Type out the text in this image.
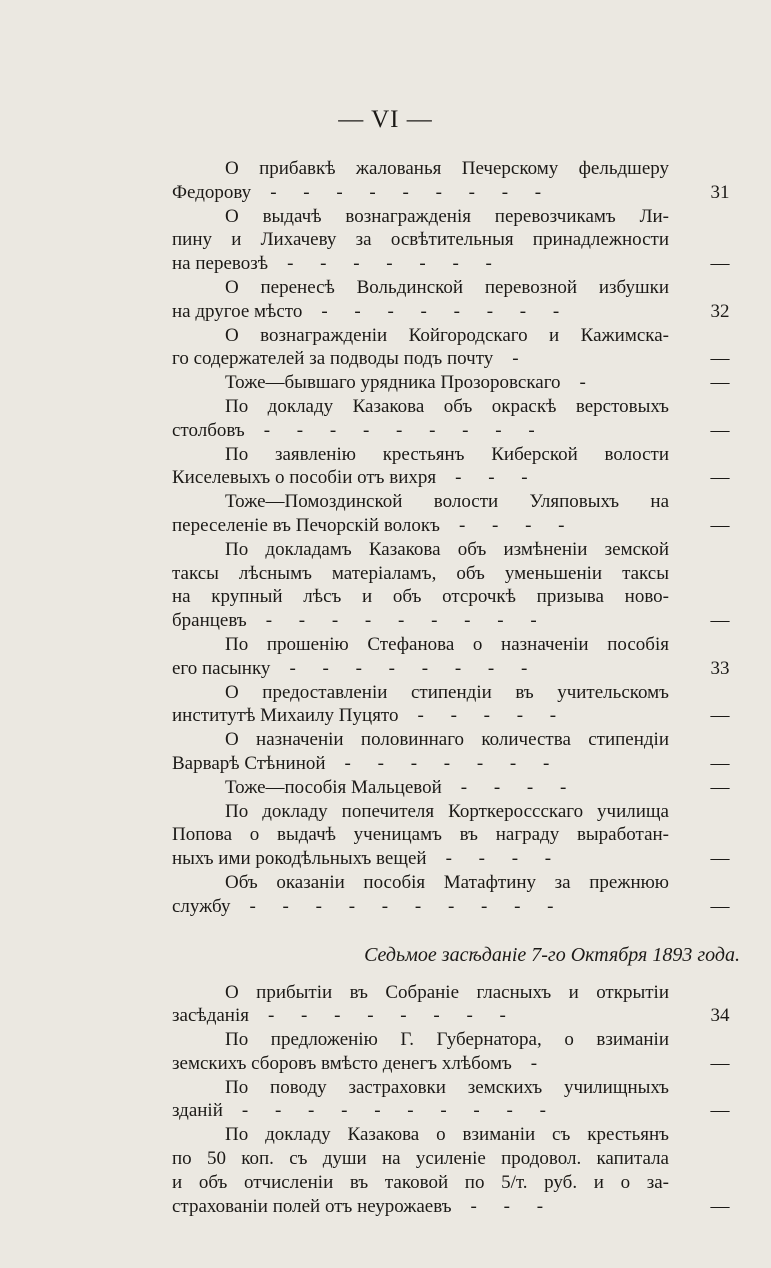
— VI —
О прибавкѣ жалованья Печерскому фельдшеру
Федорову  - - - - - - - - -	31
О выдачѣ вознагражденія перевозчикамъ Ли-
пину и Лихачеву за освѣтительныя принадлежности
на перевозѣ  - - - - - - -	—
О перенесѣ Вольдинской перевозной избушки
на другое мѣсто  - - - - - - - -	32
О вознагражденіи Койгородскаго и Кажимска-
го содержателей за подводы подъ почту  -	—
Тоже—бывшаго урядника Прозоровскаго  -	—
По докладу Казакова объ окраскѣ верстовыхъ
столбовъ  - - - - - - - - -	—
По заявленію крестьянъ Киберской волости
Киселевыхъ о пособіи отъ вихря  - - -	—
Тоже—Помоздинской волости Уляповыхъ на
переселеніе въ Печорскій волокъ  - - - -	—
По докладамъ Казакова объ измѣненіи земской
таксы лѣснымъ матеріаламъ, объ уменьшеніи таксы
на крупный лѣсъ и объ отсрочкѣ призыва ново-
бранцевъ  - - - - - - - - -	—
По прошенію Стефанова о назначеніи пособія
его пасынку  - - - - - - - -	33
О предоставленіи стипендіи въ учительскомъ
институтѣ Михаилу Пуцято  - - - - -	—
О назначеніи половиннаго количества стипендіи
Варварѣ Стѣниной  - - - - - - -	—
Тоже—пособія Мальцевой  - - - -	—
По докладу попечителя Корткероссскаго училища
Попова о выдачѣ ученицамъ въ награду выработан-
ныхъ ими рокодѣльныхъ вещей  - - - -	—
Объ оказаніи пособія Матафтину за прежнюю
службу  - - - - - - - - - -	—
Седьмое засѣданіе 7-го Октября 1893 года.
О прибытіи въ Собраніе гласныхъ и открытіи
засѣданія  - - - - - - - -	34
По предложенію Г. Губернатора, о взиманіи
земскихъ сборовъ вмѣсто денегъ хлѣбомъ  -	—
По поводу застраховки земскихъ училищныхъ
зданій  - - - - - - - - - -	—
По докладу Казакова о взиманіи съ крестьянъ
по 50 коп. съ души на усиленіе продовол. капитала
и объ отчисленіи въ таковой по 5/т. руб. и о за-
страхованіи полей отъ неурожаевъ  - - -	—
